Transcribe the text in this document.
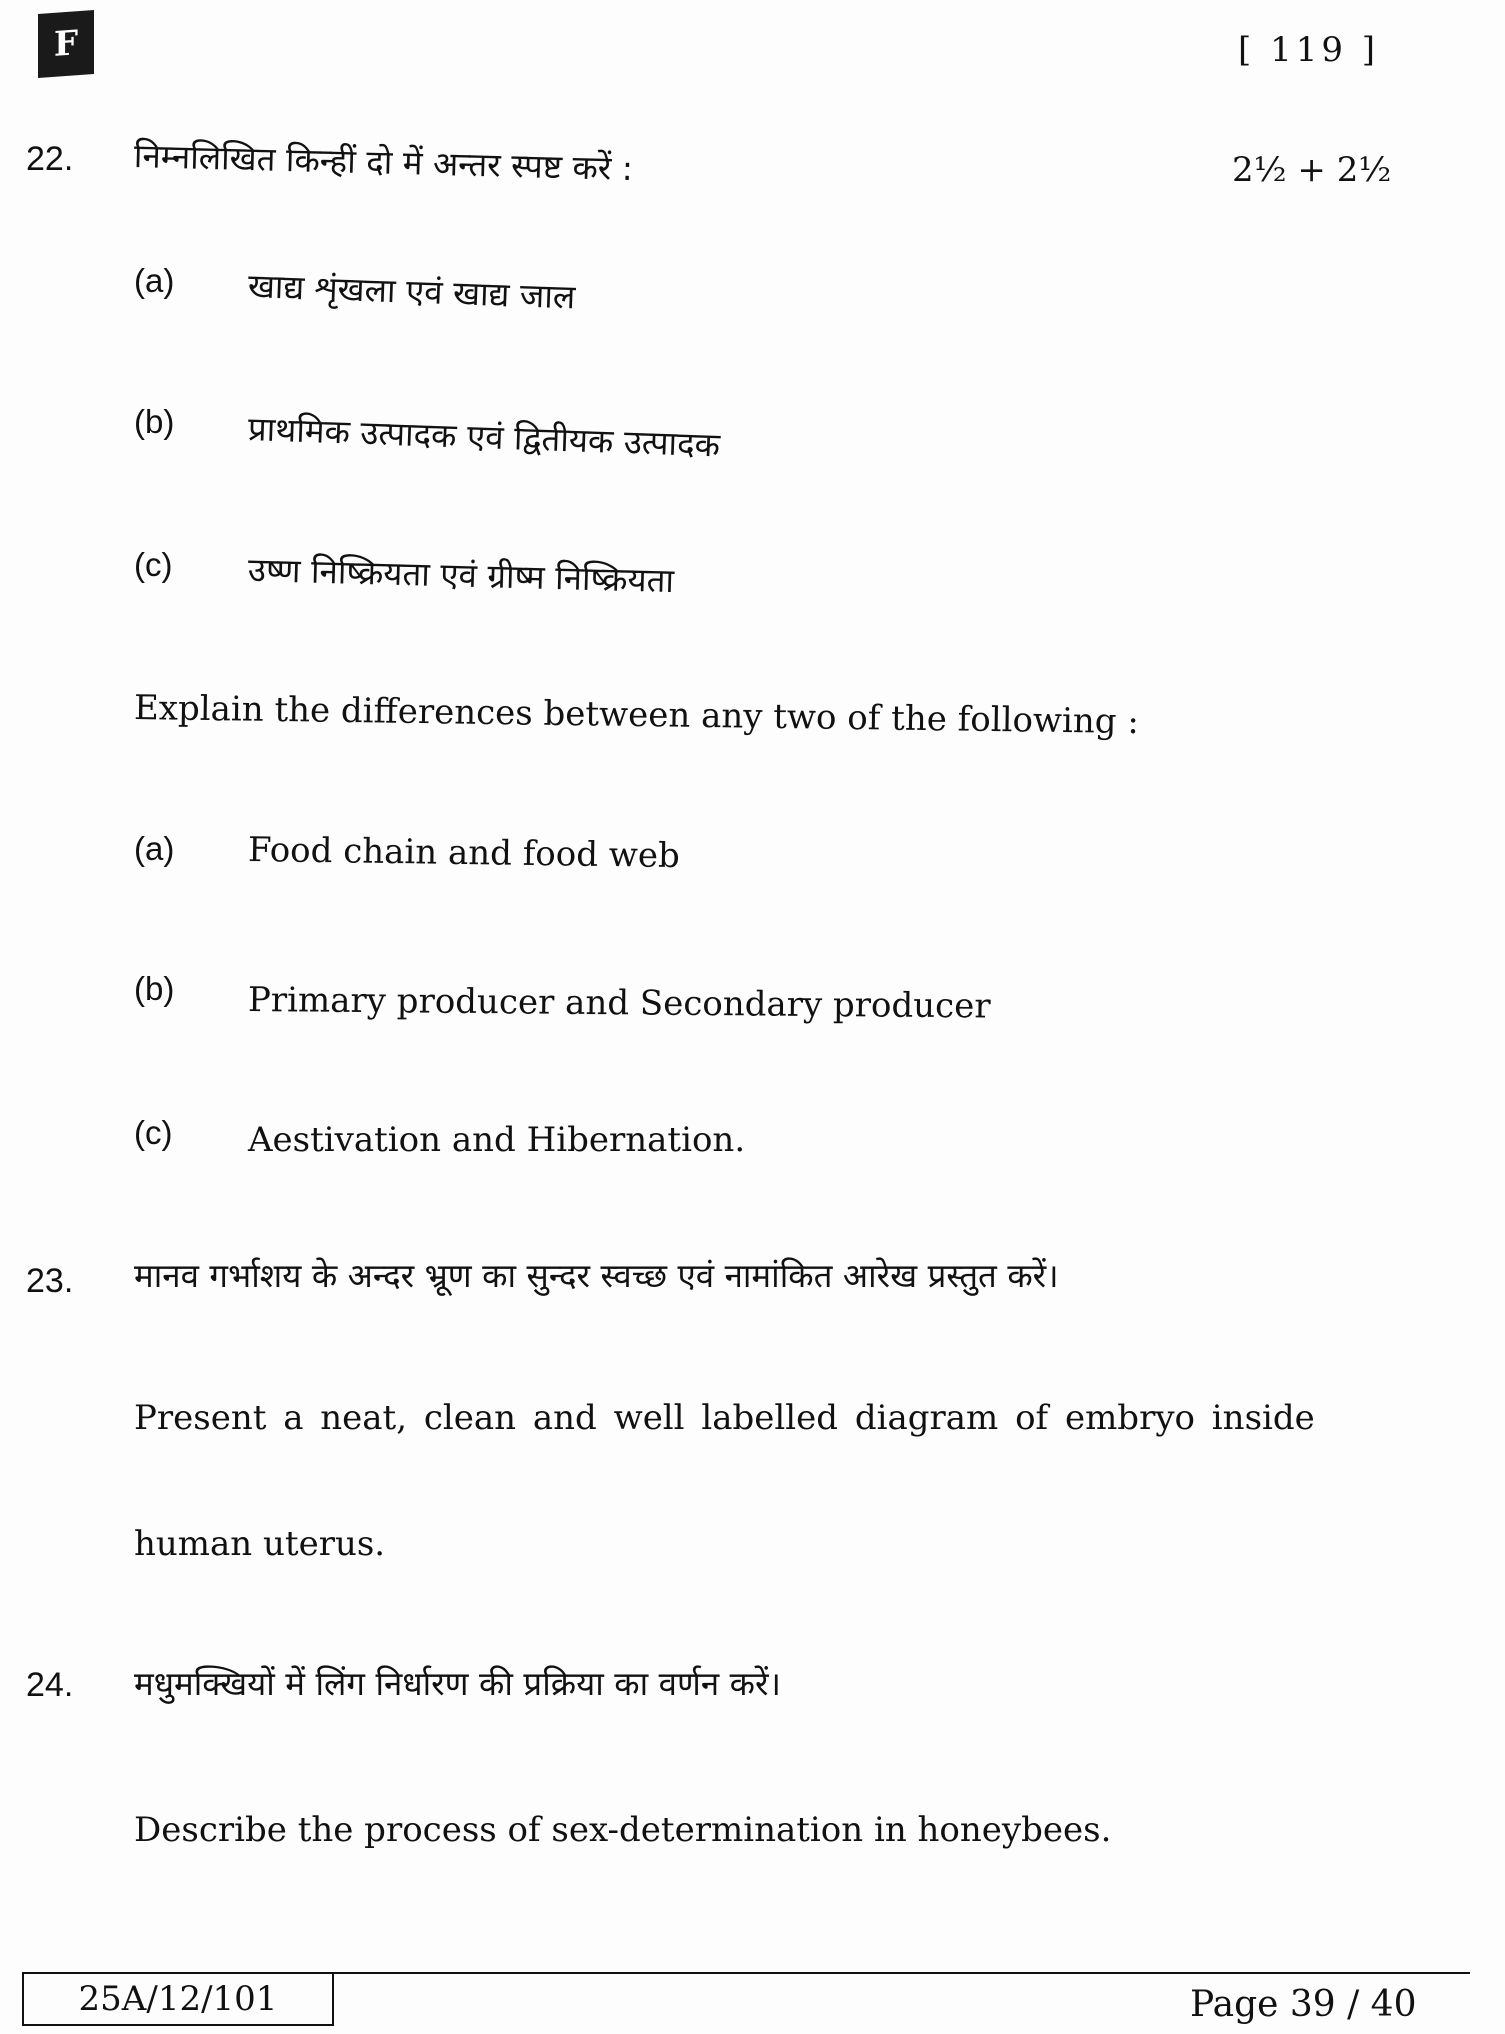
F	[ 119 ]
22. निम्नलिखित किन्हीं दो में अन्तर स्पष्ट करें :	2½ + 2½
(a) खाद्य शृंखला एवं खाद्य जाल
(b) प्राथमिक उत्पादक एवं द्वितीयक उत्पादक
(c) उष्ण निष्क्रियता एवं ग्रीष्म निष्क्रियता
Explain the differences between any two of the following :
(a) Food chain and food web
(b) Primary producer and Secondary producer
(c) Aestivation and Hibernation.
23. मानव गर्भाशय के अन्दर भ्रूण का सुन्दर स्वच्छ एवं नामांकित आरेख प्रस्तुत करें।
Present a neat, clean and well labelled diagram of embryo inside
human uterus.
24. मधुमक्खियों में लिंग निर्धारण की प्रक्रिया का वर्णन करें।
Describe the process of sex-determination in honeybees.
25A/12/101	Page 39 / 40
